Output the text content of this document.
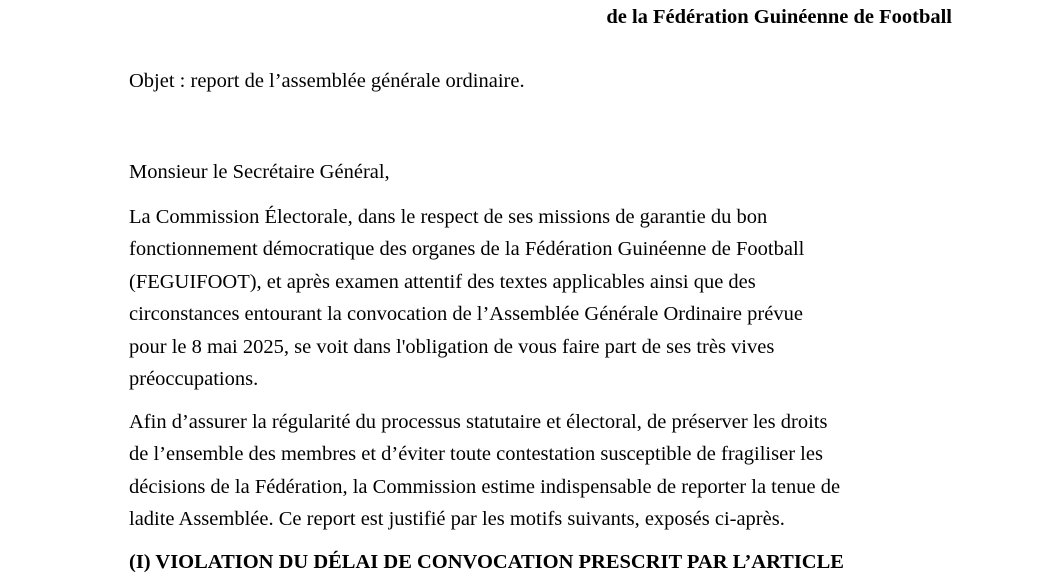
de la Fédération Guinéenne de Football
Objet : report de l’assemblée générale ordinaire.
Monsieur le Secrétaire Général,
La Commission Électorale, dans le respect de ses missions de garantie du bon
fonctionnement démocratique des organes de la Fédération Guinéenne de Football
(FEGUIFOOT), et après examen attentif des textes applicables ainsi que des
circonstances entourant la convocation de l’Assemblée Générale Ordinaire prévue
pour le 8 mai 2025, se voit dans l'obligation de vous faire part de ses très vives
préoccupations.
Afin d’assurer la régularité du processus statutaire et électoral, de préserver les droits
de l’ensemble des membres et d’éviter toute contestation susceptible de fragiliser les
décisions de la Fédération, la Commission estime indispensable de reporter la tenue de
ladite Assemblée. Ce report est justifié par les motifs suivants, exposés ci-après.
(I) VIOLATION DU DÉLAI DE CONVOCATION PRESCRIT PAR L’ARTICLE
